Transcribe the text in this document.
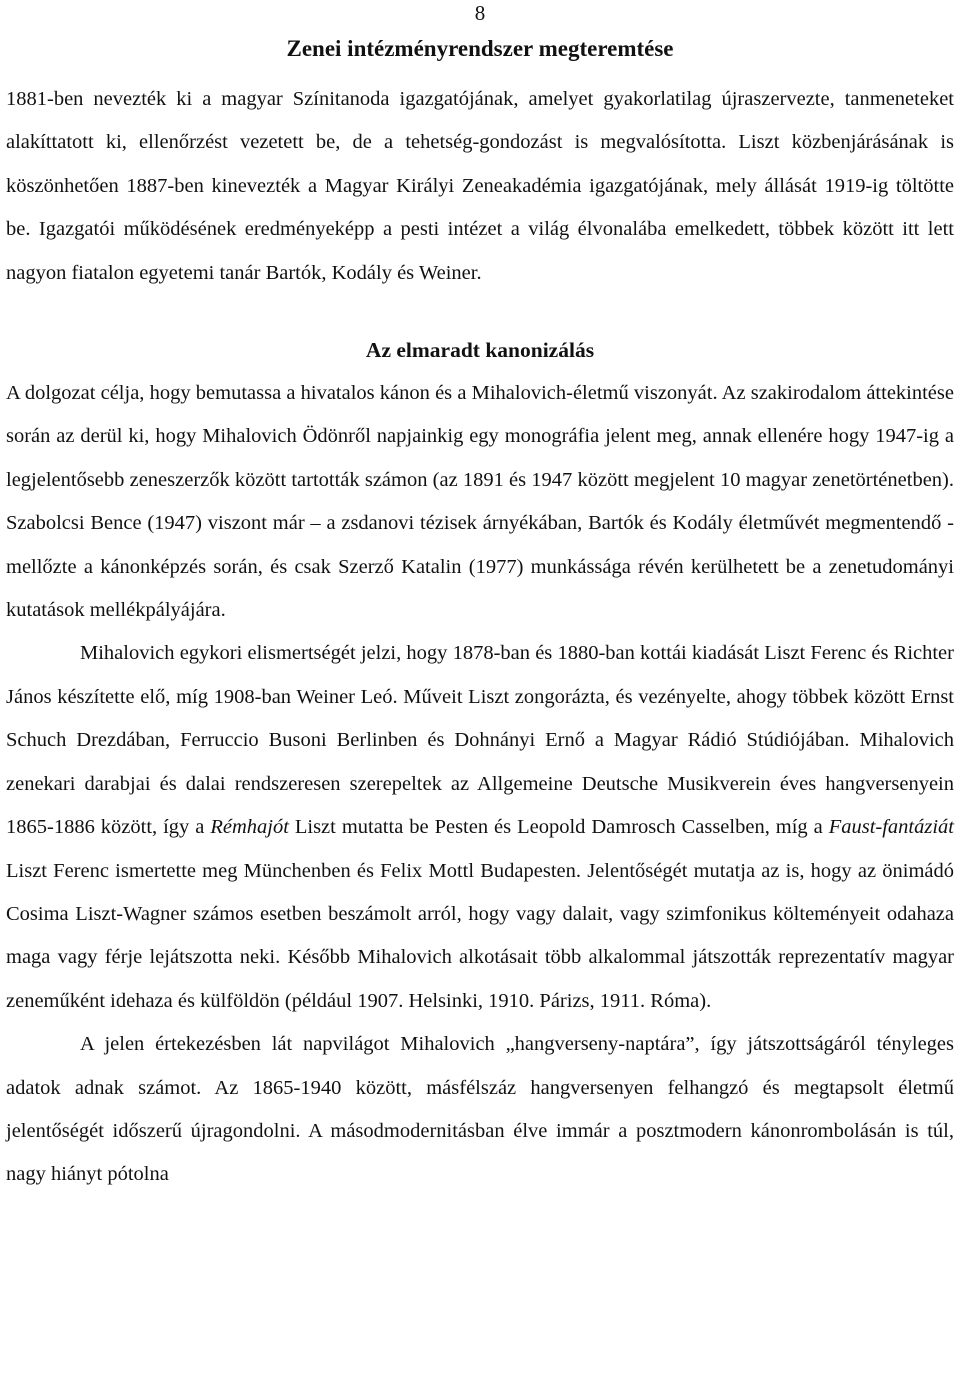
8
Zenei intézményrendszer megteremtése

1881-ben nevezték ki a magyar Színitanoda igazgatójának, amelyet gyakorlatilag újraszervezte, tanmeneteket alakíttatott ki, ellenőrzést vezetett be, de a tehetség-gondozást is megvalósította. Liszt közbenjárásának is köszönhetően 1887-ben kinevezték a Magyar Királyi Zeneakadémia igazgatójának, mely állását 1919-ig töltötte be. Igazgatói működésének eredményeképp a pesti intézet a világ élvonalába emelkedett, többek között itt lett nagyon fiatalon egyetemi tanár Bartók, Kodály és Weiner.

Az elmaradt kanonizálás

A dolgozat célja, hogy bemutassa a hivatalos kánon és a Mihalovich-életmű viszonyát. Az szakirodalom áttekintése során az derül ki, hogy Mihalovich Ödönről napjainkig egy monográfia jelent meg, annak ellenére hogy 1947-ig a legjelentősebb zeneszerzők között tartották számon (az 1891 és 1947 között megjelent 10 magyar zenetörténetben). Szabolcsi Bence (1947) viszont már – a zsdanovi tézisek árnyékában, Bartók és Kodály életművét megmentendő - mellőzte a kánonképzés során, és csak Szerző Katalin (1977) munkássága révén kerülhetett be a zenetudományi kutatások mellékpályájára.

Mihalovich egykori elismertségét jelzi, hogy 1878-ban és 1880-ban kottái kiadását Liszt Ferenc és Richter János készítette elő, míg 1908-ban Weiner Leó. Műveit Liszt zongorázta, és vezényelte, ahogy többek között Ernst Schuch Drezdában, Ferruccio Busoni Berlinben és Dohnányi Ernő a Magyar Rádió Stúdiójában. Mihalovich zenekari darabjai és dalai rendszeresen szerepeltek az Allgemeine Deutsche Musikverein éves hangversenyein 1865-1886 között, így a Rémhajót Liszt mutatta be Pesten és Leopold Damrosch Casselben, míg a Faust-fantáziát Liszt Ferenc ismertette meg Münchenben és Felix Mottl Budapesten. Jelentőségét mutatja az is, hogy az önimádó Cosima Liszt-Wagner számos esetben beszámolt arról, hogy vagy dalait, vagy szimfonikus költeményeit odahaza maga vagy férje lejátszotta neki. Később Mihalovich alkotásait több alkalommal játszották reprezentatív magyar zeneműként idehaza és külföldön (például 1907. Helsinki, 1910. Párizs, 1911. Róma).

A jelen értekezésben lát napvilágot Mihalovich „hangverseny-naptára”, így játszottságáról tényleges adatok adnak számot. Az 1865-1940 között, másfélszáz hangversenyen felhangzó és megtapsolt életmű jelentőségét időszerű újragondolni. A másodmodernitásban élve immár a posztmodern kánonrombolásán is túl, nagy hiányt pótolna
